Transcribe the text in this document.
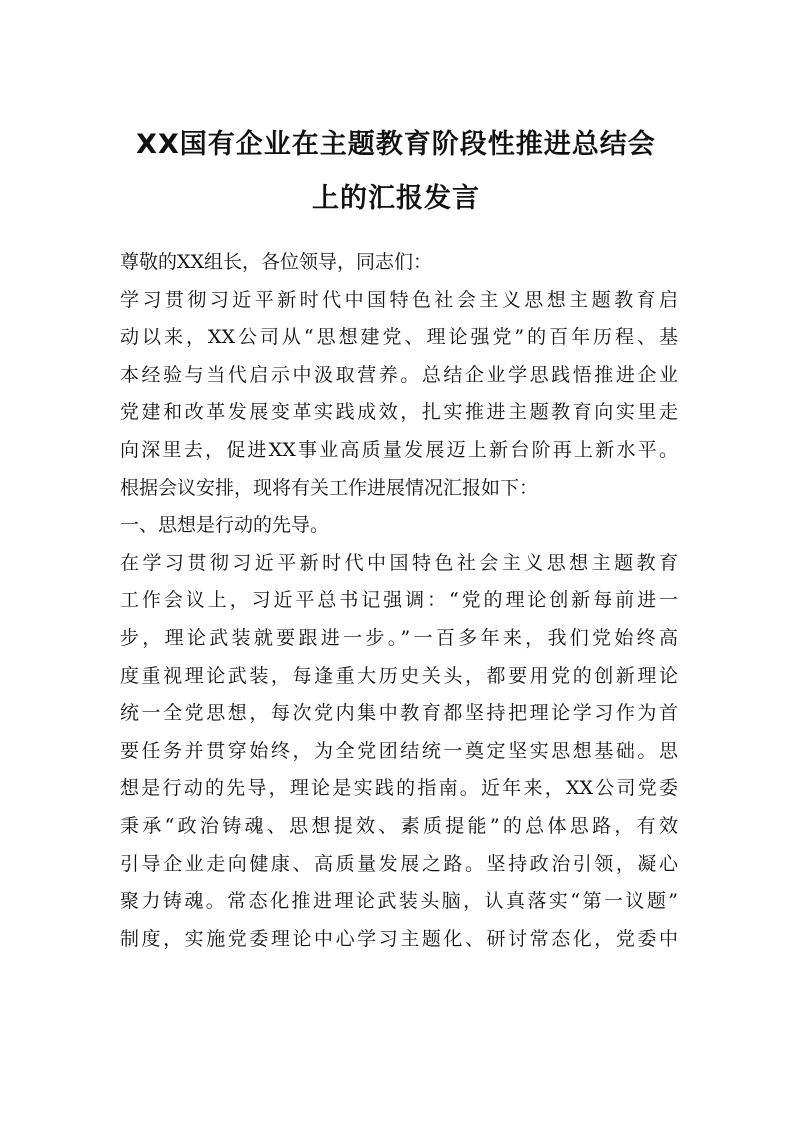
XX国有企业在主题教育阶段性推进总结会
上的汇报发言
尊敬的XX组长，各位领导，同志们：
学习贯彻习近平新时代中国特色社会主义思想主题教育启
动以来，XX公司从“思想建党、理论强党”的百年历程、基
本经验与当代启示中汲取营养。总结企业学思践悟推进企业
党建和改革发展变革实践成效，扎实推进主题教育向实里走
向深里去，促进XX事业高质量发展迈上新台阶再上新水平。
根据会议安排，现将有关工作进展情况汇报如下：
一、思想是行动的先导。
在学习贯彻习近平新时代中国特色社会主义思想主题教育
工作会议上，习近平总书记强调：“党的理论创新每前进一
步，理论武装就要跟进一步。”一百多年来，我们党始终高
度重视理论武装，每逢重大历史关头，都要用党的创新理论
统一全党思想，每次党内集中教育都坚持把理论学习作为首
要任务并贯穿始终，为全党团结统一奠定坚实思想基础。思
想是行动的先导，理论是实践的指南。近年来，XX公司党委
秉承“政治铸魂、思想提效、素质提能”的总体思路，有效
引导企业走向健康、高质量发展之路。坚持政治引领，凝心
聚力铸魂。常态化推进理论武装头脑，认真落实“第一议题”
制度，实施党委理论中心学习主题化、研讨常态化，党委中
